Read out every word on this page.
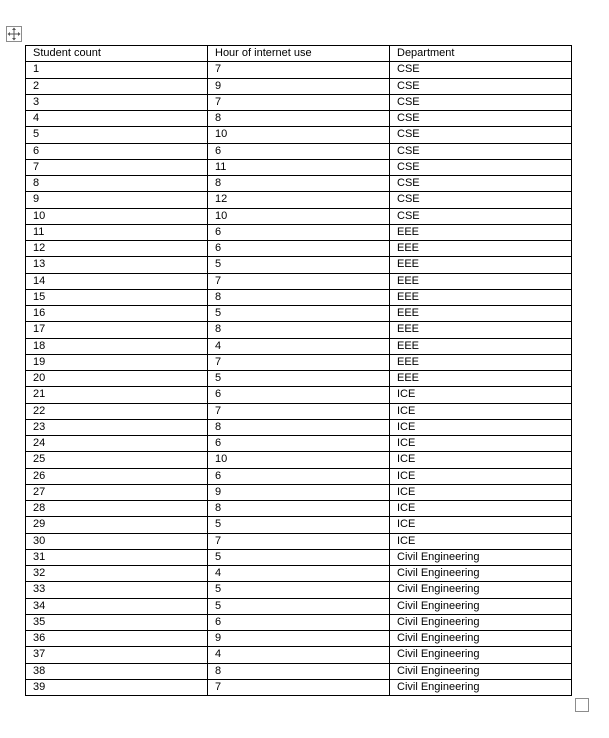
Student count	Hour of internet use	Department
1	7	CSE
2	9	CSE
3	7	CSE
4	8	CSE
5	10	CSE
6	6	CSE
7	11	CSE
8	8	CSE
9	12	CSE
10	10	CSE
11	6	EEE
12	6	EEE
13	5	EEE
14	7	EEE
15	8	EEE
16	5	EEE
17	8	EEE
18	4	EEE
19	7	EEE
20	5	EEE
21	6	ICE
22	7	ICE
23	8	ICE
24	6	ICE
25	10	ICE
26	6	ICE
27	9	ICE
28	8	ICE
29	5	ICE
30	7	ICE
31	5	Civil Engineering
32	4	Civil Engineering
33	5	Civil Engineering
34	5	Civil Engineering
35	6	Civil Engineering
36	9	Civil Engineering
37	4	Civil Engineering
38	8	Civil Engineering
39	7	Civil Engineering
